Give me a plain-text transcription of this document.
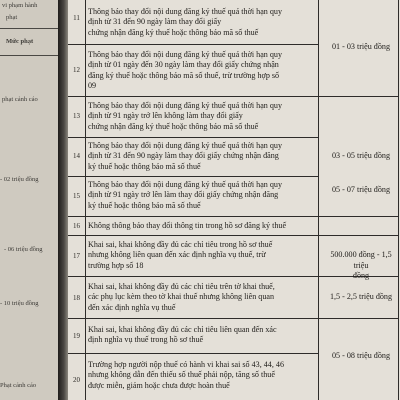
vi phạm hành
phạt
Mức phạt
phạt cảnh cáo
- 02 triệu đồng
- 06 triệu đồng
- 10 triệu đồng
Phạt cảnh cáo
11
Thông báo thay đổi nội dung đăng ký thuế quá thời hạn quy
định từ 31 đến 90 ngày làm thay đổi giấy
chứng nhận đăng ký thuế hoặc thông báo mã số thuế
12
Thông báo thay đổi nội dung đăng ký thuế quá thời hạn quy
định từ 01 ngày đến 30 ngày làm thay đổi giấy chứng nhận
đăng ký thuế hoặc thông báo mã số thuế, trừ trường hợp số
09
13
Thông báo thay đổi nội dung đăng ký thuế quá thời hạn quy
định từ 91 ngày trở lên không làm thay đổi giấy
chứng nhận đăng ký thuế hoặc thông báo mã số thuế
14
Thông báo thay đổi nội dung đăng ký thuế quá thời hạn quy
định từ 31 đến 90 ngày làm thay đổi giấy chứng nhận đăng
ký thuế hoặc thông báo mã số thuế
15
Thông báo thay đổi nội dung đăng ký thuế quá thời hạn quy
định từ 91 ngày trở lên làm thay đổi giấy chứng nhận đăng
ký thuế hoặc thông báo mã số thuế
16 Không thông báo thay đổi thông tin trong hồ sơ đăng ký thuế
17
Khai sai, khai không đầy đủ các chỉ tiêu trong hồ sơ thuế
nhưng không liên quan đến xác định nghĩa vụ thuế, trừ
trường hợp số 18
18
Khai sai, khai không đầy đủ các chỉ tiêu trên tờ khai thuế,
các phụ lục kèm theo tờ khai thuế nhưng không liên quan
đến xác định nghĩa vụ thuế
19
Khai sai, khai không đầy đủ các chỉ tiêu liên quan đến xác
định nghĩa vụ thuế trong hồ sơ thuế
20
Trường hợp người nộp thuế có hành vi khai sai số 43, 44, 46
nhưng không dẫn đến thiếu số thuế phải nộp, tăng số thuế
được miễn, giảm hoặc chưa được hoàn thuế
01 - 03 triệu đồng
03 - 05 triệu đồng
05 - 07 triệu đồng
500.000 đồng - 1,5 triệu
đồng
1,5 - 2,5 triệu đồng
05 - 08 triệu đồng
